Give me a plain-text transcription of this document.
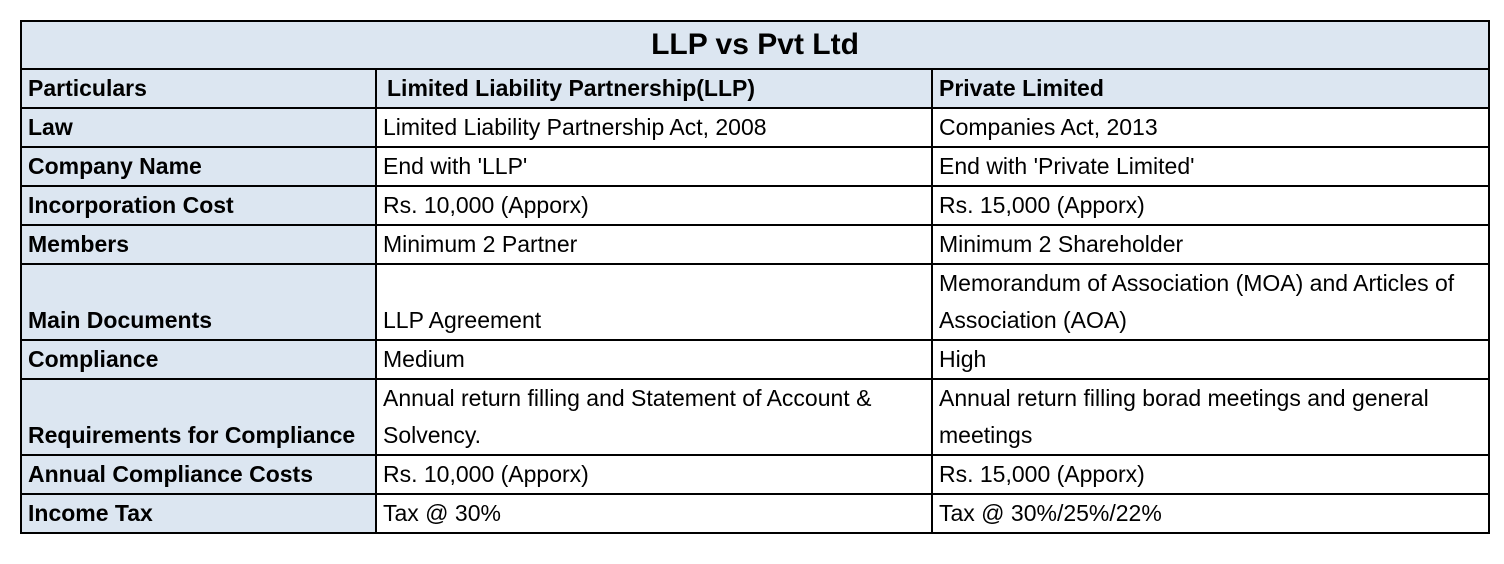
LLP vs Pvt Ltd		
Particulars	Limited Liability Partnership(LLP)	Private Limited
Law	Limited Liability Partnership Act, 2008	Companies Act, 2013
Company Name	End with 'LLP'	End with 'Private Limited'
Incorporation Cost	Rs. 10,000 (Apporx)	Rs. 15,000 (Apporx)
Members	Minimum 2 Partner	Minimum 2 Shareholder
Main Documents	LLP Agreement	Memorandum of Association (MOA) and Articles of Association (AOA)
Compliance	Medium	High
Requirements for Compliance	Annual return filling and Statement of Account & Solvency.	Annual return filling borad meetings and general meetings
Annual Compliance Costs	Rs. 10,000 (Apporx)	Rs. 15,000 (Apporx)
Income Tax	Tax @ 30%	Tax @ 30%/25%/22%
